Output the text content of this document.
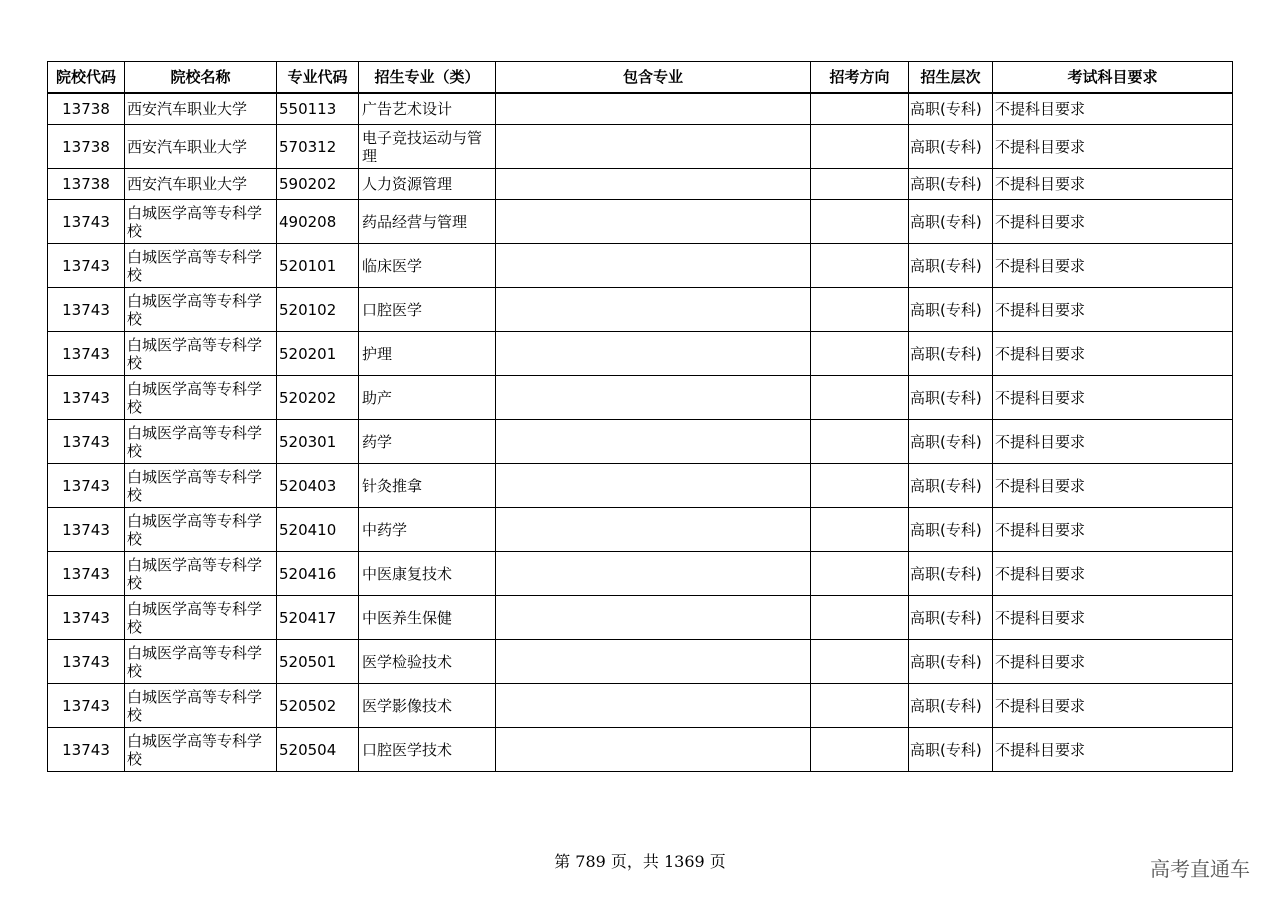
院校代码	院校名称	专业代码	招生专业（类）	包含专业	招考方向	招生层次	考试科目要求
13738	西安汽车职业大学	550113	广告艺术设计			高职(专科)	不提科目要求
13738	西安汽车职业大学	570312	电子竞技运动与管理			高职(专科)	不提科目要求
13738	西安汽车职业大学	590202	人力资源管理			高职(专科)	不提科目要求
13743	白城医学高等专科学校	490208	药品经营与管理			高职(专科)	不提科目要求
13743	白城医学高等专科学校	520101	临床医学			高职(专科)	不提科目要求
13743	白城医学高等专科学校	520102	口腔医学			高职(专科)	不提科目要求
13743	白城医学高等专科学校	520201	护理			高职(专科)	不提科目要求
13743	白城医学高等专科学校	520202	助产			高职(专科)	不提科目要求
13743	白城医学高等专科学校	520301	药学			高职(专科)	不提科目要求
13743	白城医学高等专科学校	520403	针灸推拿			高职(专科)	不提科目要求
13743	白城医学高等专科学校	520410	中药学			高职(专科)	不提科目要求
13743	白城医学高等专科学校	520416	中医康复技术			高职(专科)	不提科目要求
13743	白城医学高等专科学校	520417	中医养生保健			高职(专科)	不提科目要求
13743	白城医学高等专科学校	520501	医学检验技术			高职(专科)	不提科目要求
13743	白城医学高等专科学校	520502	医学影像技术			高职(专科)	不提科目要求
13743	白城医学高等专科学校	520504	口腔医学技术			高职(专科)	不提科目要求
第 789 页，共 1369 页	高考直通车
